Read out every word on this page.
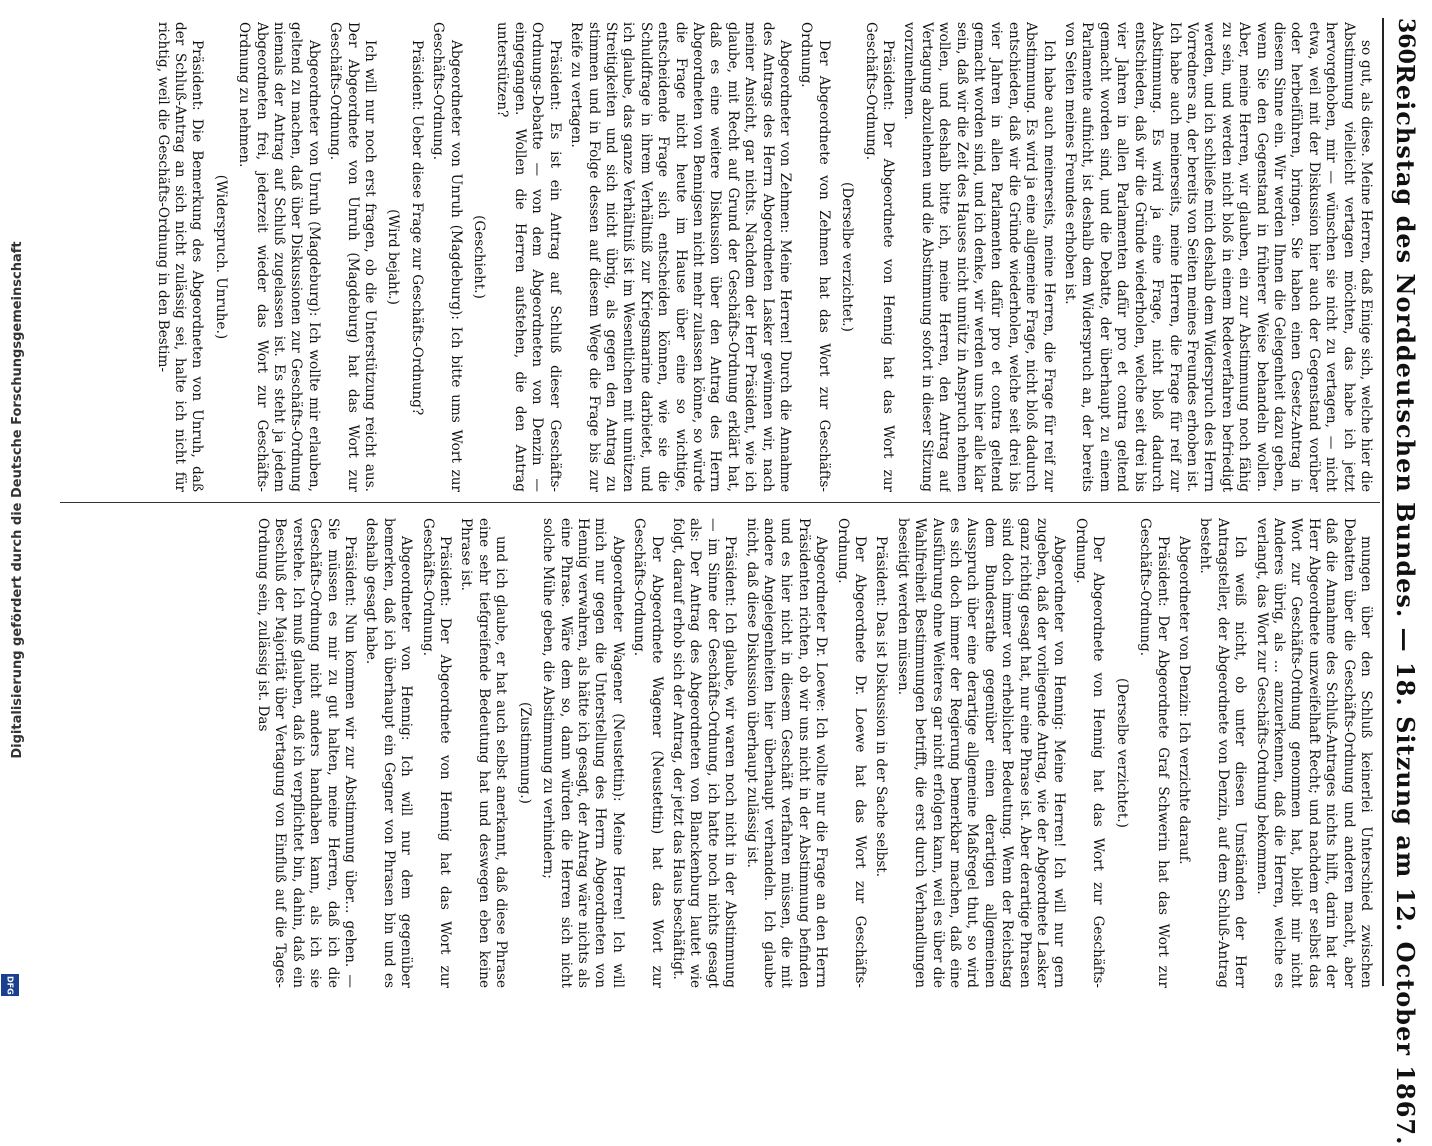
360
Reichstag des Norddeutschen Bundes. — 18. Sitzung am 12. October 1867.

so gut, als diese. Meine Herren, daß Einige sich, welche hier die Abstimmung vielleicht vertagen möchten, das habe ich jetzt hervorgehoben, mir — wünschen sie nicht zu vertagen, — nicht etwa, weil mit der Diskussion hier auch der Gegenstand vorüber oder herbeiführen, bringen. Sie haben einen Gesetz-Antrag in diesem Sinne ein. Wir werden Ihnen die Gelegenheit dazu geben, wenn Sie den Gegenstand in früherer Weise behandeln wollen. Aber, meine Herren, wir glauben, ein zur Abstimmung noch fähig zu sein, und werden nicht bloß in einem Redeverfahren befriedigt werden, und ich schließe mich deshalb dem Widerspruch des Herrn Vorredners an, der bereits von Seiten meines Freundes erhoben ist. Ich habe auch meinerseits, meine Herren, die Frage für reif zur Abstimmung. Es wird ja eine Frage, nicht bloß dadurch entschieden, daß wir die Gründe wiederholen, welche seit drei bis vier Jahren in allen Parlamenten dafür pro et contra geltend gemacht worden sind, und die Debatte, der überhaupt zu einem Parlamente aufnicht, ist deshalb dem Widerspruch an, der bereits von Seiten meines Freundes erhoben ist.

Ich habe auch meinerseits, meine Herren, die Frage für reif zur Abstimmung. Es wird ja eine allgemeine Frage, nicht bloß dadurch entschieden, daß wir die Gründe wiederholen, welche seit drei bis vier Jahren in allen Parlamenten dafür pro et contra geltend gemacht worden sind, und ich denke, wir werden uns hier alle klar sein, daß wir die Zeit des Hauses nicht unnütz in Anspruch nehmen wollen, und deshalb bitte ich, meine Herren, den Antrag auf Vertagung abzulehnen und die Abstimmung sofort in dieser Sitzung vorzunehmen.

Präsident: Der Abgeordnete von Hennig hat das Wort zur Geschäfts-Ordnung.

(Derselbe verzichtet.)

Der Abgeordnete von Zehmen hat das Wort zur Geschäfts-Ordnung.

Abgeordneter von Zehmen: Meine Herren! Durch die Annahme des Antrags des Herrn Abgeordneten Lasker gewinnen wir, nach meiner Ansicht, gar nichts. Nachdem der Herr Präsident, wie ich glaube, mit Recht auf Grund der Geschäfts-Ordnung erklärt hat, daß es eine weitere Diskussion über den Antrag des Herrn Abgeordneten von Bennigsen nicht mehr zulassen könne, so würde die Frage nicht heute im Hause über eine so wichtige, entscheidende Frage sich entscheiden können, wie sie die Schuldfrage in ihrem Verhältniß zur Kriegsmarine darbietet, und ich glaube, das ganze Verhältniß ist im Wesentlichen mit unnützen Streitigkeiten und sich nicht übrig, als gegen den Antrag zu stimmen und in Folge dessen auf diesem Wege die Frage bis zur Reife zu vertagen.

Präsident: Es ist ein Antrag auf Schluß dieser Geschäfts-Ordnungs-Debatte — von dem Abgeordneten von Denzin — eingegangen. Wollen die Herren aufstehen, die den Antrag unterstützen?

(Geschieht.)

Abgeordneter von Unruh (Magdeburg): Ich bitte ums Wort zur Geschäfts-Ordnung.

Präsident: Ueber diese Frage zur Geschäfts-Ordnung?

(Wird bejaht.)

Ich will nur noch erst fragen, ob die Unterstützung reicht aus. Der Abgeordnete von Unruh (Magdeburg) hat das Wort zur Geschäfts-Ordnung.

Abgeordneter von Unruh (Magdeburg): Ich wollte mir erlauben, geltend zu machen, daß über Diskussionen zur Geschäfts-Ordnung niemals der Antrag auf Schluß zugelassen ist. Es steht ja jedem Abgeordneten frei, jederzeit wieder das Wort zur Geschäfts-Ordnung zu nehmen.

(Widerspruch. Unruhe.)

Präsident: Die Bemerkung des Abgeordneten von Unruh, daß der Schluß-Antrag an sich nicht zulässig sei, halte ich nicht für richtig, weil die Geschäfts-Ordnung in den Bestim-

mungen über den Schluß keinerlei Unterschied zwischen Debatten über die Geschäfts-Ordnung und anderen macht, aber daß die Annahme des Schluß-Antrages nichts hilft, darin hat der Herr Abgeordnete unzweifelhaft Recht; und nachdem er selbst das Wort zur Geschäfts-Ordnung genommen hat, bleibt mir nicht Anderes übrig, als ... anzuerkennen, daß die Herren, welche es verlangt, das Wort zur Geschäfts-Ordnung bekommen.

Ich weiß nicht, ob unter diesen Umständen der Herr Antragsteller, der Abgeordnete von Denzin, auf dem Schluß-Antrag besteht.

Abgeordneter von Denzin: Ich verzichte darauf.

Präsident: Der Abgeordnete Graf Schwerin hat das Wort zur Geschäfts-Ordnung.

(Derselbe verzichtet.)

Der Abgeordnete von Hennig hat das Wort zur Geschäfts-Ordnung.

Abgeordneter von Hennig: Meine Herren! Ich will nur gern zugeben, daß der vorliegende Antrag, wie der Abgeordnete Lasker ganz richtig gesagt hat, nur eine Phrase ist. Aber derartige Phrasen sind doch immer von erheblicher Bedeutung. Wenn der Reichstag dem Bundesrathe gegenüber einen derartigen allgemeinen Ausspruch über eine derartige allgemeine Maßregel thut, so wird es sich doch immer der Regierung bemerkbar machen, daß eine Ausführung ohne Weiteres gar nicht erfolgen kann, weil es über die Wahlfreiheit Bestimmungen betrifft, die erst durch Verhandlungen beseitigt werden müssen.

Präsident: Das ist Diskussion in der Sache selbst.

Der Abgeordnete Dr. Loewe hat das Wort zur Geschäfts-Ordnung.

Abgeordneter Dr. Loewe: Ich wollte nur die Frage an den Herrn Präsidenten richten, ob wir uns nicht in der Abstimmung befinden und es hier nicht in diesem Geschäft verfahren müssen, die mit andere Angelegenheiten hier überhaupt verhandeln. Ich glaube nicht, daß diese Diskussion überhaupt zulässig ist.

Präsident: Ich glaube, wir waren noch nicht in der Abstimmung — im Sinne der Geschäfts-Ordnung, ich hatte noch nichts gesagt als: Der Antrag des Abgeordneten von Blanckenburg lautet wie folgt, darauf erhob sich der Antrag, der jetzt das Haus beschäftigt.

Der Abgeordnete Wagener (Neustettin) hat das Wort zur Geschäfts-Ordnung.

Abgeordneter Wagener (Neustettin): Meine Herren! Ich will mich nur gegen die Unterstellung des Herrn Abgeordneten von Hennig verwahren, als hätte ich gesagt, der Antrag wäre nichts als eine Phrase. Wäre dem so, dann würden die Herren sich nicht solche Mühe geben, die Abstimmung zu verhindern;

(Zustimmung.)

und ich glaube, er hat auch selbst anerkannt, daß diese Phrase eine sehr tiefgreifende Bedeutung hat und deswegen eben keine Phrase ist.

Präsident: Der Abgeordnete von Hennig hat das Wort zur Geschäfts-Ordnung.

Abgeordneter von Hennig: Ich will nur dem gegenüber bemerken, daß ich überhaupt ein Gegner von Phrasen bin und es deshalb gesagt habe.

Präsident: Nun kommen wir zur Abstimmung über... gehen. — Sie müssen es mir zu gut halten, meine Herren, daß ich die Geschäfts-Ordnung nicht anders handhaben kann, als ich sie verstehe. Ich muß glauben, daß ich verpflichtet bin, dahin, daß ein Beschluß der Majorität über Vertagung von Einfluß auf die Tages-Ordnung sein, zulässig ist. Das

Digitalisierung gefördert durch die Deutsche Forschungsgemeinschaft
DFG
